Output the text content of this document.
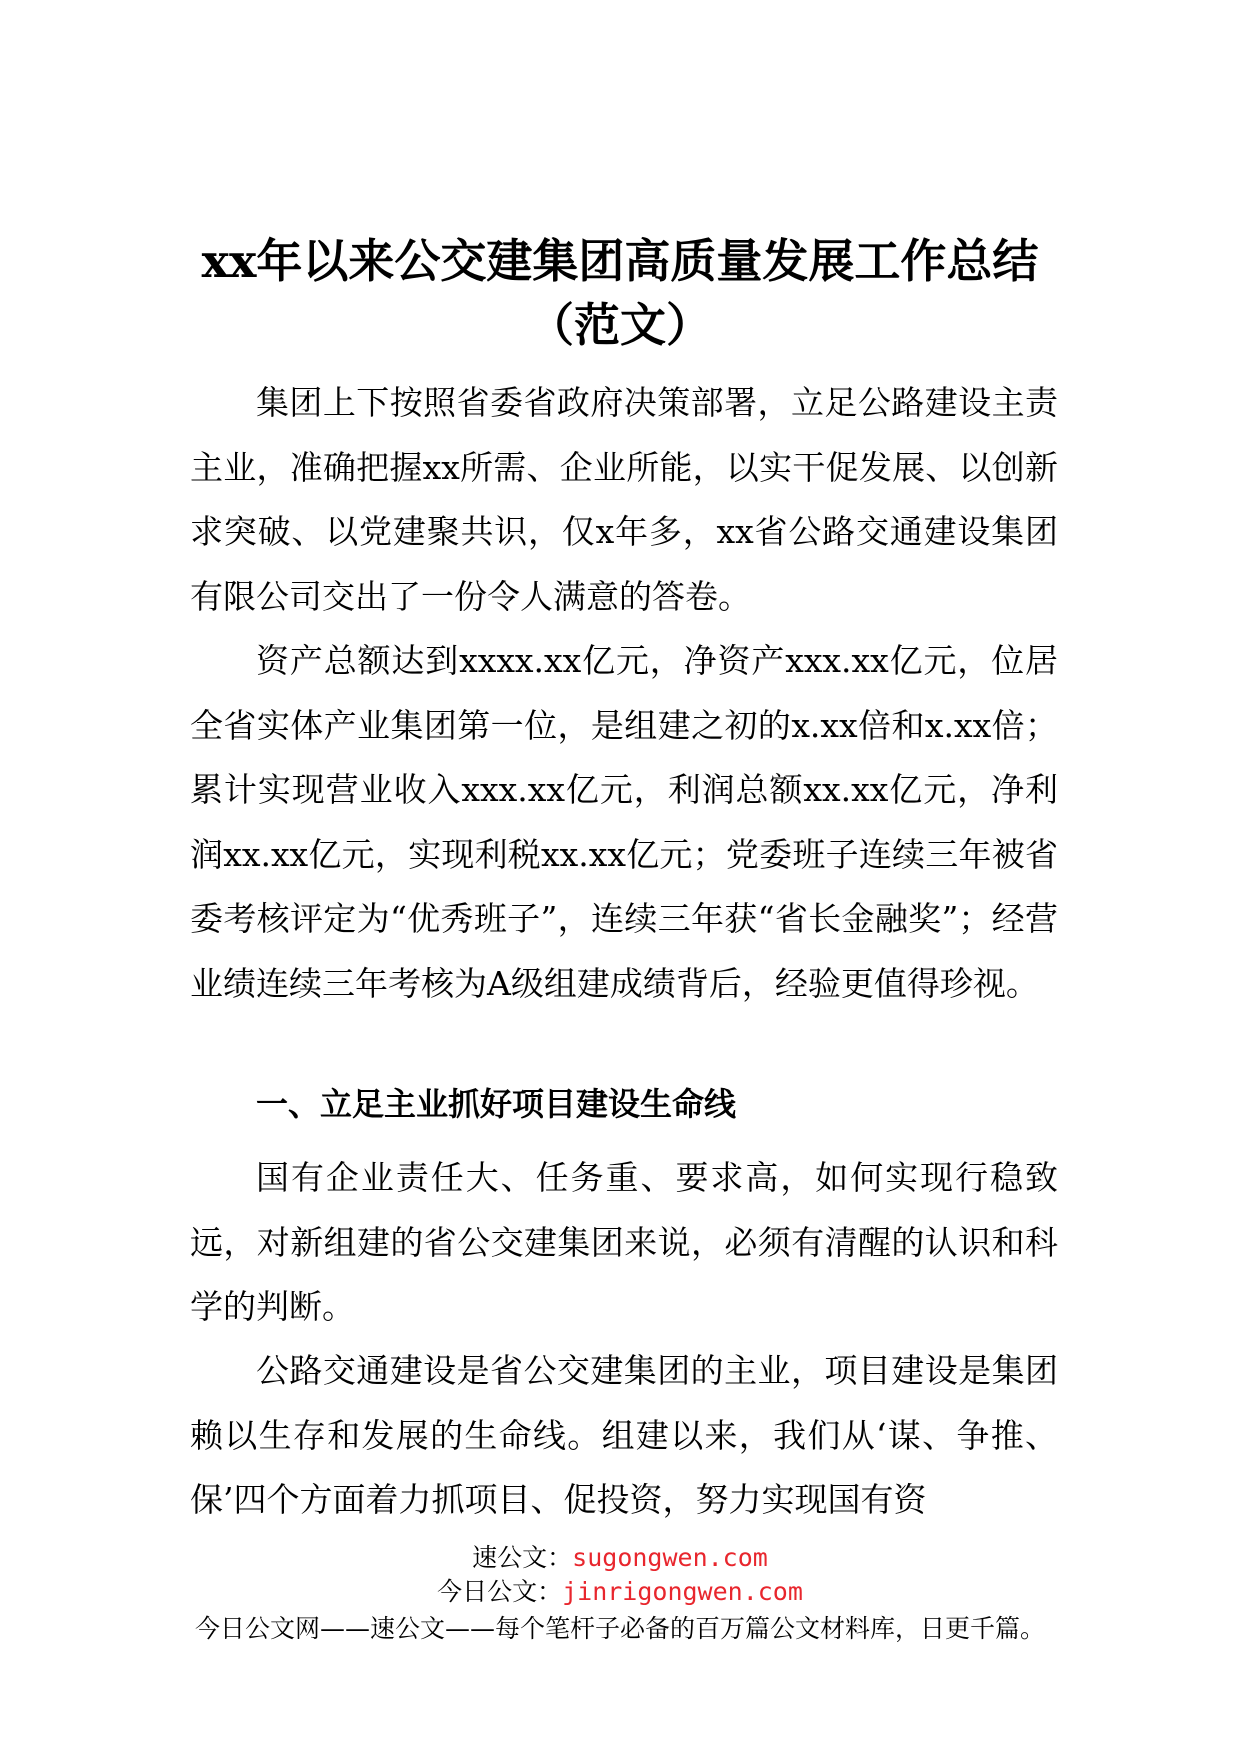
xx年以来公交建集团高质量发展工作总结
（范文）

集团上下按照省委省政府决策部署，立足公路建设主责主业，准确把握xx所需、企业所能，以实干促发展、以创新求突破、以党建聚共识，仅x年多，xx省公路交通建设集团有限公司交出了一份令人满意的答卷。

资产总额达到xxxx.xx亿元，净资产xxx.xx亿元，位居全省实体产业集团第一位，是组建之初的x.xx倍和x.xx倍；累计实现营业收入xxx.xx亿元，利润总额xx.xx亿元，净利润xx.xx亿元，实现利税xx.xx亿元；党委班子连续三年被省委考核评定为“优秀班子”，连续三年获“省长金融奖”；经营业绩连续三年考核为A级组建成绩背后，经验更值得珍视。

一、立足主业抓好项目建设生命线

国有企业责任大、任务重、要求高，如何实现行稳致远，对新组建的省公交建集团来说，必须有清醒的认识和科学的判断。

公路交通建设是省公交建集团的主业，项目建设是集团赖以生存和发展的生命线。组建以来，我们从‘谋、争推、保’四个方面着力抓项目、促投资，努力实现国有资

速公文：sugongwen.com
今日公文：jinrigongwen.com
今日公文网——速公文——每个笔杆子必备的百万篇公文材料库，日更千篇。
